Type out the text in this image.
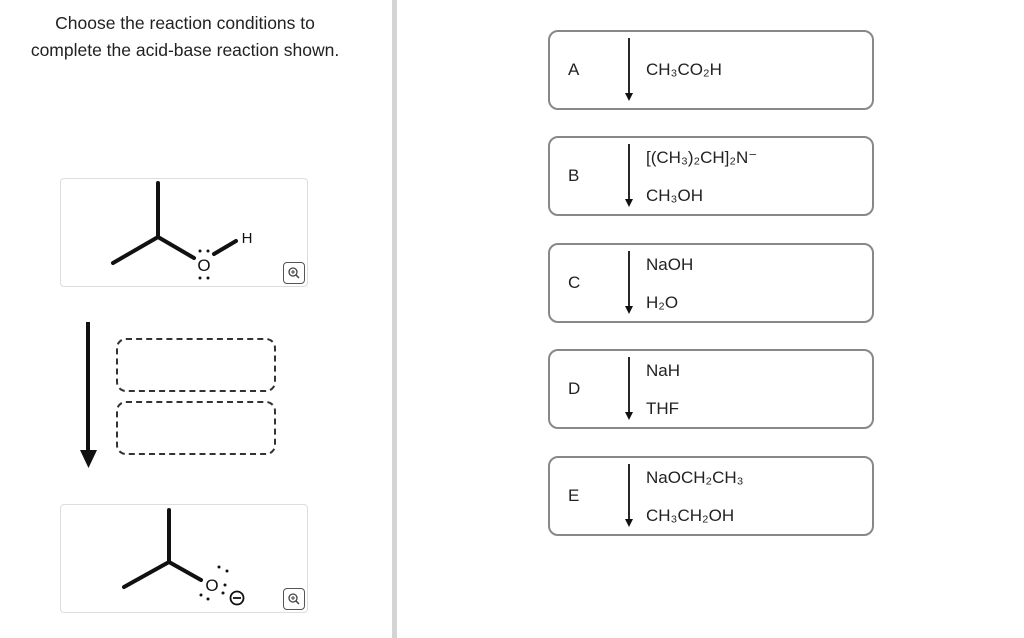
Choose the reaction conditions to complete the acid-base reaction shown.
O
H
O
−
A	CH₃CO₂H
B
[(CH₃)₂CH]₂N⁻
CH₃OH
C
NaOH
H₂O
D
NaH
THF
E
NaOCH₂CH₃
CH₃CH₂OH
